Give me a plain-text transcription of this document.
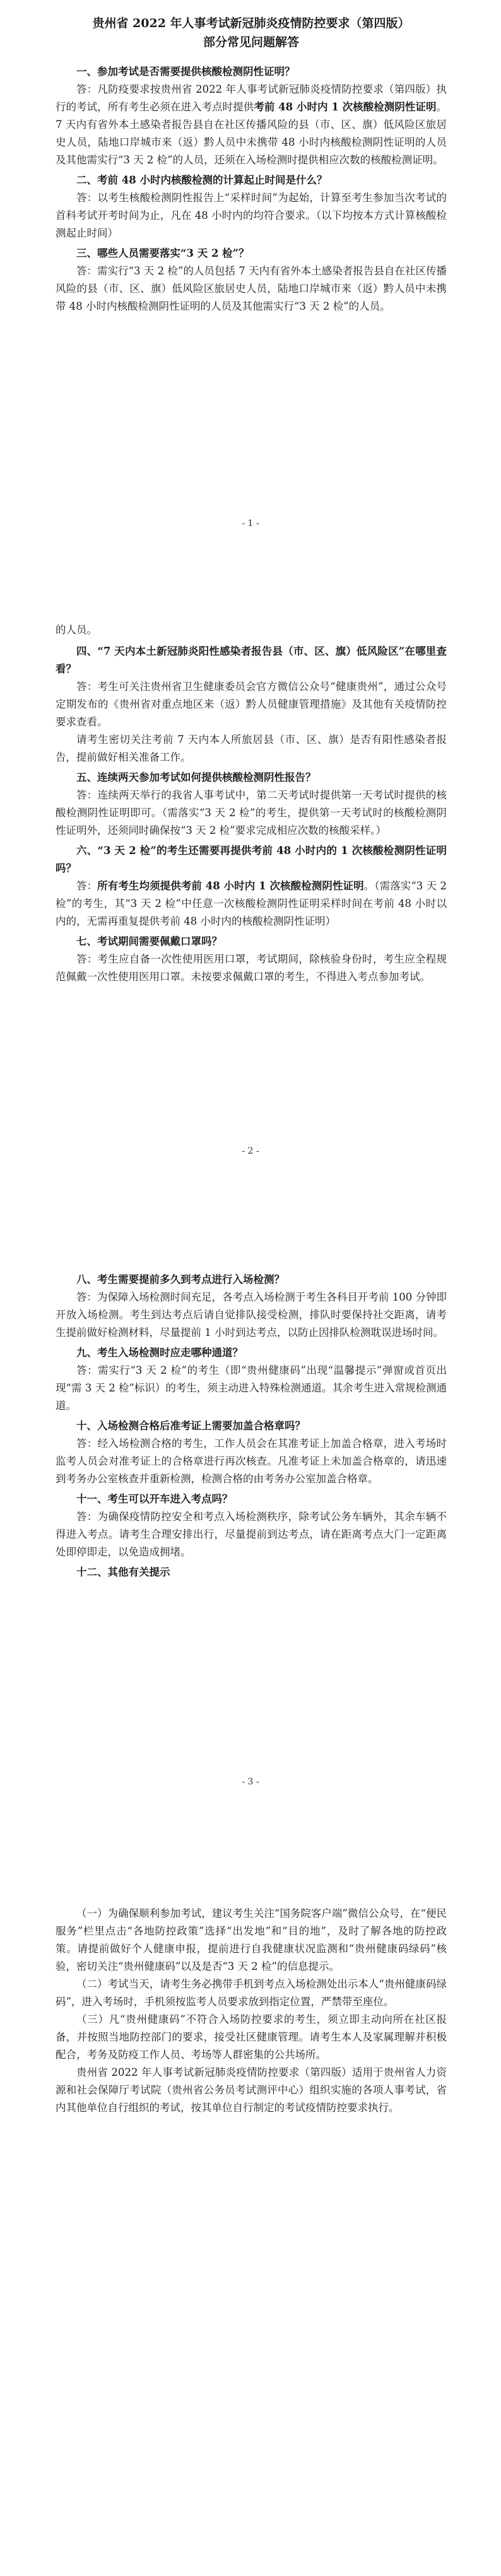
贵州省 2022 年人事考试新冠肺炎疫情防控要求（第四版）

部分常见问题解答

一、参加考试是否需要提供核酸检测阴性证明？

答：凡防疫要求按贵州省 2022 年人事考试新冠肺炎疫情防控要求（第四版）执行的考试，所有考生必须在进入考点时提供考前 48 小时内 1 次核酸检测阴性证明。7 天内有省外本土感染者报告县自在社区传播风险的县（市、区、旗）低风险区旅居史人员，陆地口岸城市来（返）黔人员中未携带 48 小时内核酸检测阴性证明的人员及其他需实行“3 天 2 检”的人员，还须在入场检测时提供相应次数的核酸检测证明。

二、考前 48 小时内核酸检测的计算起止时间是什么？

答：以考生核酸检测阴性报告上“采样时间”为起始，计算至考生参加当次考试的首科考试开考时间为止，凡在 48 小时内的均符合要求。（以下均按本方式计算核酸检测起止时间）

三、哪些人员需要落实“3 天 2 检”？

答：需实行“3 天 2 检”的人员包括 7 天内有省外本土感染者报告县自在社区传播风险的县（市、区、旗）低风险区旅居史人员，陆地口岸城市来（返）黔人员中未携带 48 小时内核酸检测阴性证明的人员及其他需实行“3 天 2 检”的人员。

- 1 -

的人员。

四、“7 天内本土新冠肺炎阳性感染者报告县（市、区、旗）低风险区”在哪里查看？

答：考生可关注贵州省卫生健康委员会官方微信公众号“健康贵州”，通过公众号定期发布的《贵州省对重点地区来（返）黔人员健康管理措施》及其他有关疫情防控要求查看。

请考生密切关注考前 7 天内本人所旅居县（市、区、旗）是否有阳性感染者报告，提前做好相关准备工作。

五、连续两天参加考试如何提供核酸检测阴性报告？

答：连续两天举行的我省人事考试中，第二天考试时提供第一天考试时提供的核酸检测阴性证明即可。（需落实“3 天 2 检”的考生，提供第一天考试时的核酸检测阴性证明外，还须同时确保按“3 天 2 检”要求完成相应次数的核酸采样。）

六、“3 天 2 检”的考生还需要再提供考前 48 小时内的 1 次核酸检测阴性证明吗？

答：所有考生均须提供考前 48 小时内 1 次核酸检测阴性证明。（需落实“3 天 2 检”的考生，其“3 天 2 检”中任意一次核酸检测阴性证明采样时间在考前 48 小时以内的，无需再重复提供考前 48 小时内的核酸检测阴性证明）

七、考试期间需要佩戴口罩吗？

答：考生应自备一次性使用医用口罩，考试期间，除核验身份时，考生应全程规范佩戴一次性使用医用口罩。未按要求佩戴口罩的考生，不得进入考点参加考试。

- 2 -

八、考生需要提前多久到考点进行入场检测？

答：为保障入场检测时间充足，各考点入场检测于考生各科目开考前 100 分钟即开放入场检测。考生到达考点后请自觉排队接受检测，排队时要保持社交距离，请考生提前做好检测材料，尽量提前 1 小时到达考点，以防止因排队检测耽误进场时间。

九、考生入场检测时应走哪种通道？

答：需实行“3 天 2 检”的考生（即“贵州健康码”出现“温馨提示”弹窗或首页出现“需 3 天 2 检”标识）的考生，须主动进入特殊检测通道。其余考生进入常规检测通道。

十、入场检测合格后准考证上需要加盖合格章吗？

答：经入场检测合格的考生，工作人员会在其准考证上加盖合格章，进入考场时监考人员会对准考证上的合格章进行再次核查。凡准考证上未加盖合格章的，请迅速到考务办公室核查并重新检测，检测合格的由考务办公室加盖合格章。

十一、考生可以开车进入考点吗？

答：为确保疫情防控安全和考点入场检测秩序，除考试公务车辆外，其余车辆不得进入考点。请考生合理安排出行，尽量提前到达考点，请在距离考点大门一定距离处即停即走，以免造成拥堵。

十二、其他有关提示

- 3 -

（一）为确保顺利参加考试，建议考生关注“国务院客户端”微信公众号，在“便民服务”栏里点击“各地防控政策”选择“出发地”和“目的地”，及时了解各地的防控政策。请提前做好个人健康申报，提前进行自我健康状况监测和“贵州健康码绿码”核验，密切关注“贵州健康码”以及是否“3 天 2 检”的信息提示。

（二）考试当天，请考生务必携带手机到考点入场检测处出示本人“贵州健康码绿码”，进入考场时，手机须按监考人员要求放到指定位置，严禁带至座位。

（三）凡“贵州健康码”不符合入场防控要求的考生，须立即主动向所在社区报备，并按照当地防控部门的要求，接受社区健康管理。请考生本人及家属理解并积极配合，考务及防疫工作人员、考场等人群密集的公共场所。

贵州省 2022 年人事考试新冠肺炎疫情防控要求（第四版）适用于贵州省人力资源和社会保障厅考试院（贵州省公务员考试测评中心）组织实施的各项人事考试，省内其他单位自行组织的考试，按其单位自行制定的考试疫情防控要求执行。
